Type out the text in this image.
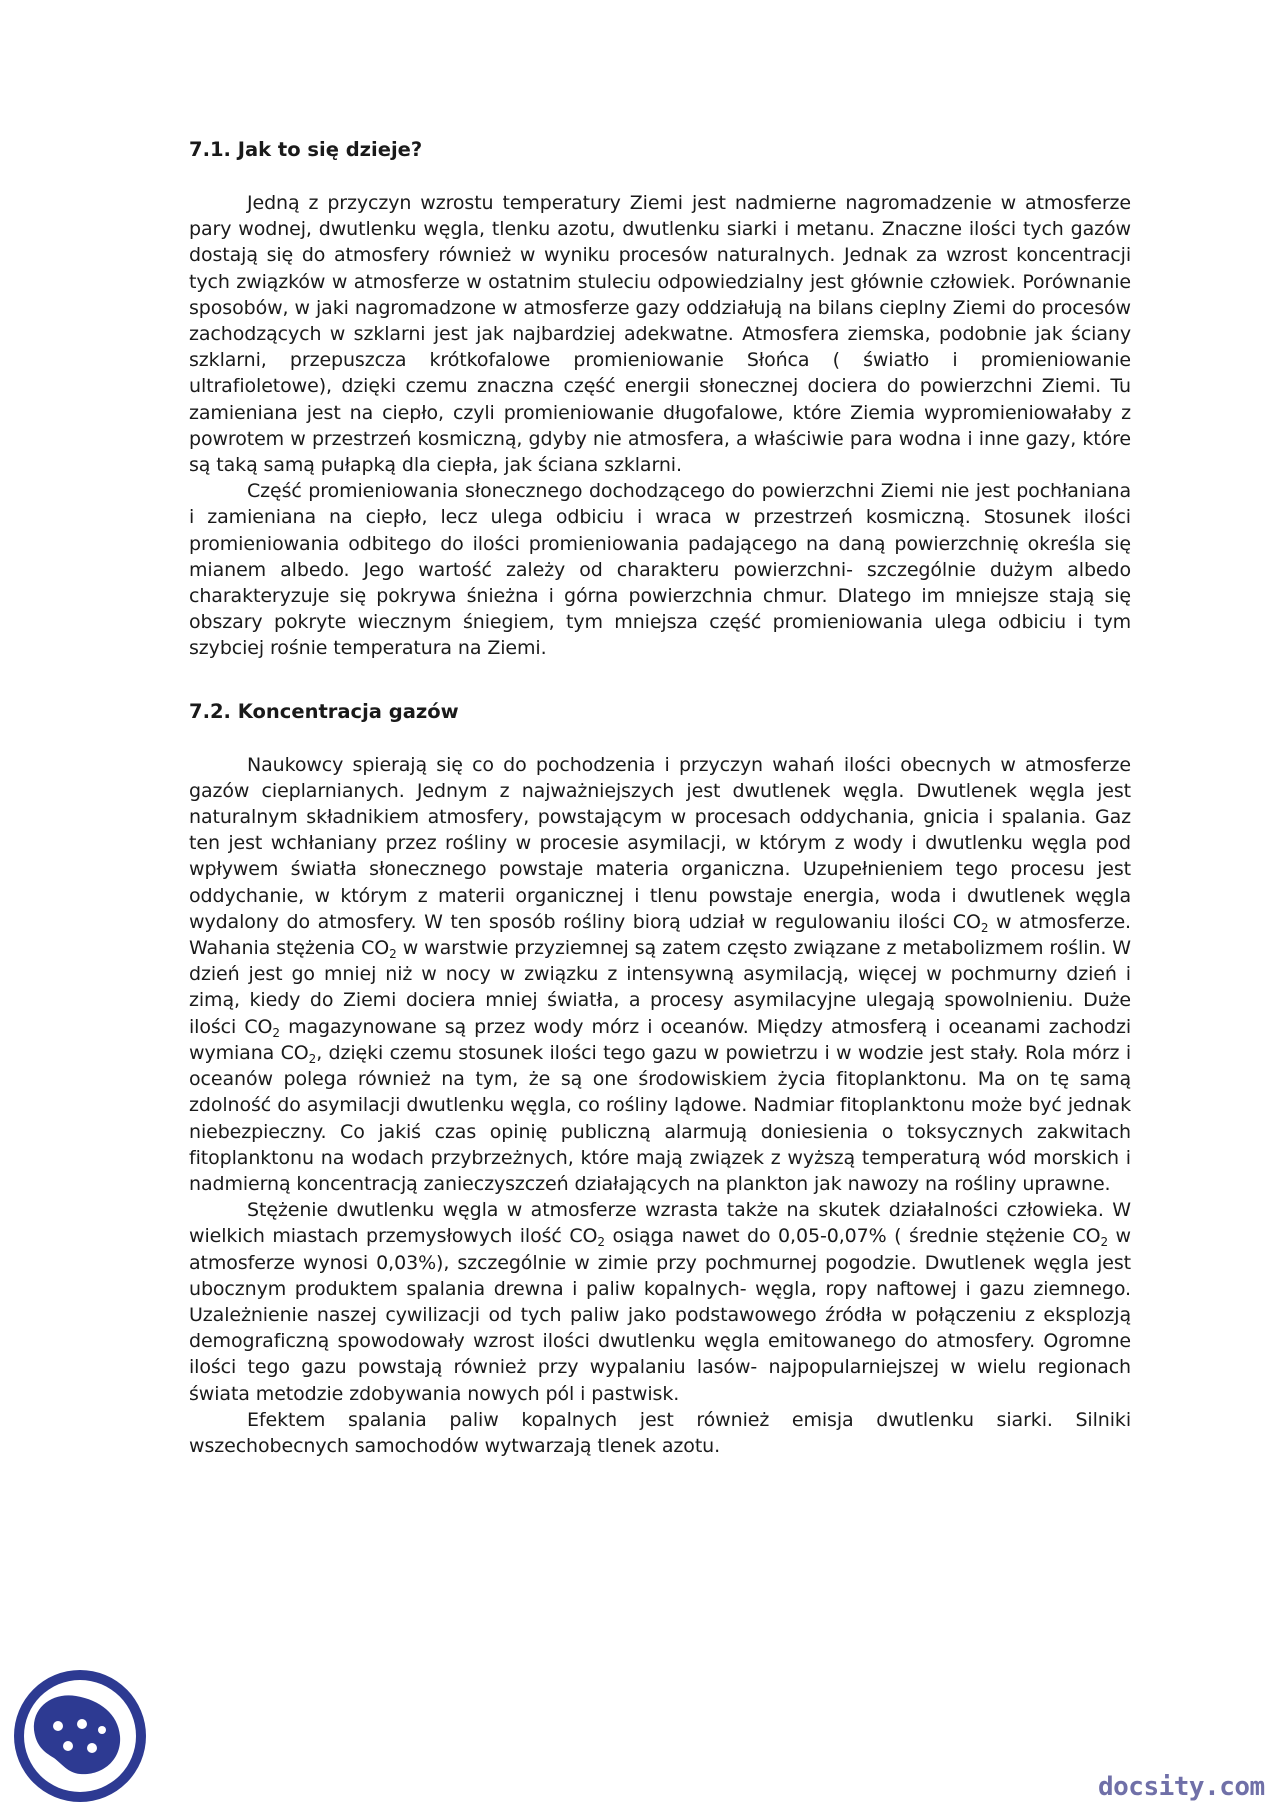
7.1. Jak to się dzieje?

Jedną z przyczyn wzrostu temperatury Ziemi jest nadmierne nagromadzenie w atmosferze pary wodnej, dwutlenku węgla, tlenku azotu, dwutlenku siarki i metanu. Znaczne ilości tych gazów dostają się do atmosfery również w wyniku procesów naturalnych. Jednak za wzrost koncentracji tych związków w atmosferze w ostatnim stuleciu odpowiedzialny jest głównie człowiek. Porównanie sposobów, w jaki nagromadzone w atmosferze gazy oddziałują na bilans cieplny Ziemi do procesów zachodzących w szklarni jest jak najbardziej adekwatne. Atmosfera ziemska, podobnie jak ściany szklarni, przepuszcza krótkofalowe promieniowanie Słońca ( światło i promieniowanie ultrafioletowe), dzięki czemu znaczna część energii słonecznej dociera do powierzchni Ziemi. Tu zamieniana jest na ciepło, czyli promieniowanie długofalowe, które Ziemia wypromieniowałaby z powrotem w przestrzeń kosmiczną, gdyby nie atmosfera, a właściwie para wodna i inne gazy, które są taką samą pułapką dla ciepła, jak ściana szklarni.

Część promieniowania słonecznego dochodzącego do powierzchni Ziemi nie jest pochłaniana i zamieniana na ciepło, lecz ulega odbiciu i wraca w przestrzeń kosmiczną. Stosunek ilości promieniowania odbitego do ilości promieniowania padającego na daną powierzchnię określa się mianem albedo. Jego wartość zależy od charakteru powierzchni- szczególnie dużym albedo charakteryzuje się pokrywa śnieżna i górna powierzchnia chmur. Dlatego im mniejsze stają się obszary pokryte wiecznym śniegiem, tym mniejsza część promieniowania ulega odbiciu i tym szybciej rośnie temperatura na Ziemi.

7.2. Koncentracja gazów

Naukowcy spierają się co do pochodzenia i przyczyn wahań ilości obecnych w atmosferze gazów cieplarnianych. Jednym z najważniejszych jest dwutlenek węgla. Dwutlenek węgla jest naturalnym składnikiem atmosfery, powstającym w procesach oddychania, gnicia i spalania. Gaz ten jest wchłaniany przez rośliny w procesie asymilacji, w którym z wody i dwutlenku węgla pod wpływem światła słonecznego powstaje materia organiczna. Uzupełnieniem tego procesu jest oddychanie, w którym z materii organicznej i tlenu powstaje energia, woda i dwutlenek węgla wydalony do atmosfery. W ten sposób rośliny biorą udział w regulowaniu ilości $CO_2$ w atmosferze. Wahania stężenia $CO_2$ w warstwie przyziemnej są zatem często związane z metabolizmem roślin. W dzień jest go mniej niż w nocy w związku z intensywną asymilacją, więcej w pochmurny dzień i zimą, kiedy do Ziemi dociera mniej światła, a procesy asymilacyjne ulegają spowolnieniu. Duże ilości $CO_2$ magazynowane są przez wody mórz i oceanów. Między atmosferą i oceanami zachodzi wymiana $CO_2$, dzięki czemu stosunek ilości tego gazu w powietrzu i w wodzie jest stały. Rola mórz i oceanów polega również na tym, że są one środowiskiem życia fitoplanktonu. Ma on tę samą zdolność do asymilacji dwutlenku węgla, co rośliny lądowe. Nadmiar fitoplanktonu może być jednak niebezpieczny. Co jakiś czas opinię publiczną alarmują doniesienia o toksycznych zakwitach fitoplanktonu na wodach przybrzeżnych, które mają związek z wyższą temperaturą wód morskich i nadmierną koncentracją zanieczyszczeń działających na plankton jak nawozy na rośliny uprawne.

Stężenie dwutlenku węgla w atmosferze wzrasta także na skutek działalności człowieka. W wielkich miastach przemysłowych ilość $CO_2$ osiąga nawet do 0,05-0,07% ( średnie stężenie $CO_2$ w atmosferze wynosi 0,03%), szczególnie w zimie przy pochmurnej pogodzie. Dwutlenek węgla jest ubocznym produktem spalania drewna i paliw kopalnych- węgla, ropy naftowej i gazu ziemnego. Uzależnienie naszej cywilizacji od tych paliw jako podstawowego źródła w połączeniu z eksplozją demograficzną spowodowały wzrost ilości dwutlenku węgla emitowanego do atmosfery. Ogromne ilości tego gazu powstają również przy wypalaniu lasów- najpopularniejszej w wielu regionach świata metodzie zdobywania nowych pól i pastwisk.

Efektem spalania paliw kopalnych jest również emisja dwutlenku siarki. Silniki wszechobecnych samochodów wytwarzają tlenek azotu.

docsity.com
